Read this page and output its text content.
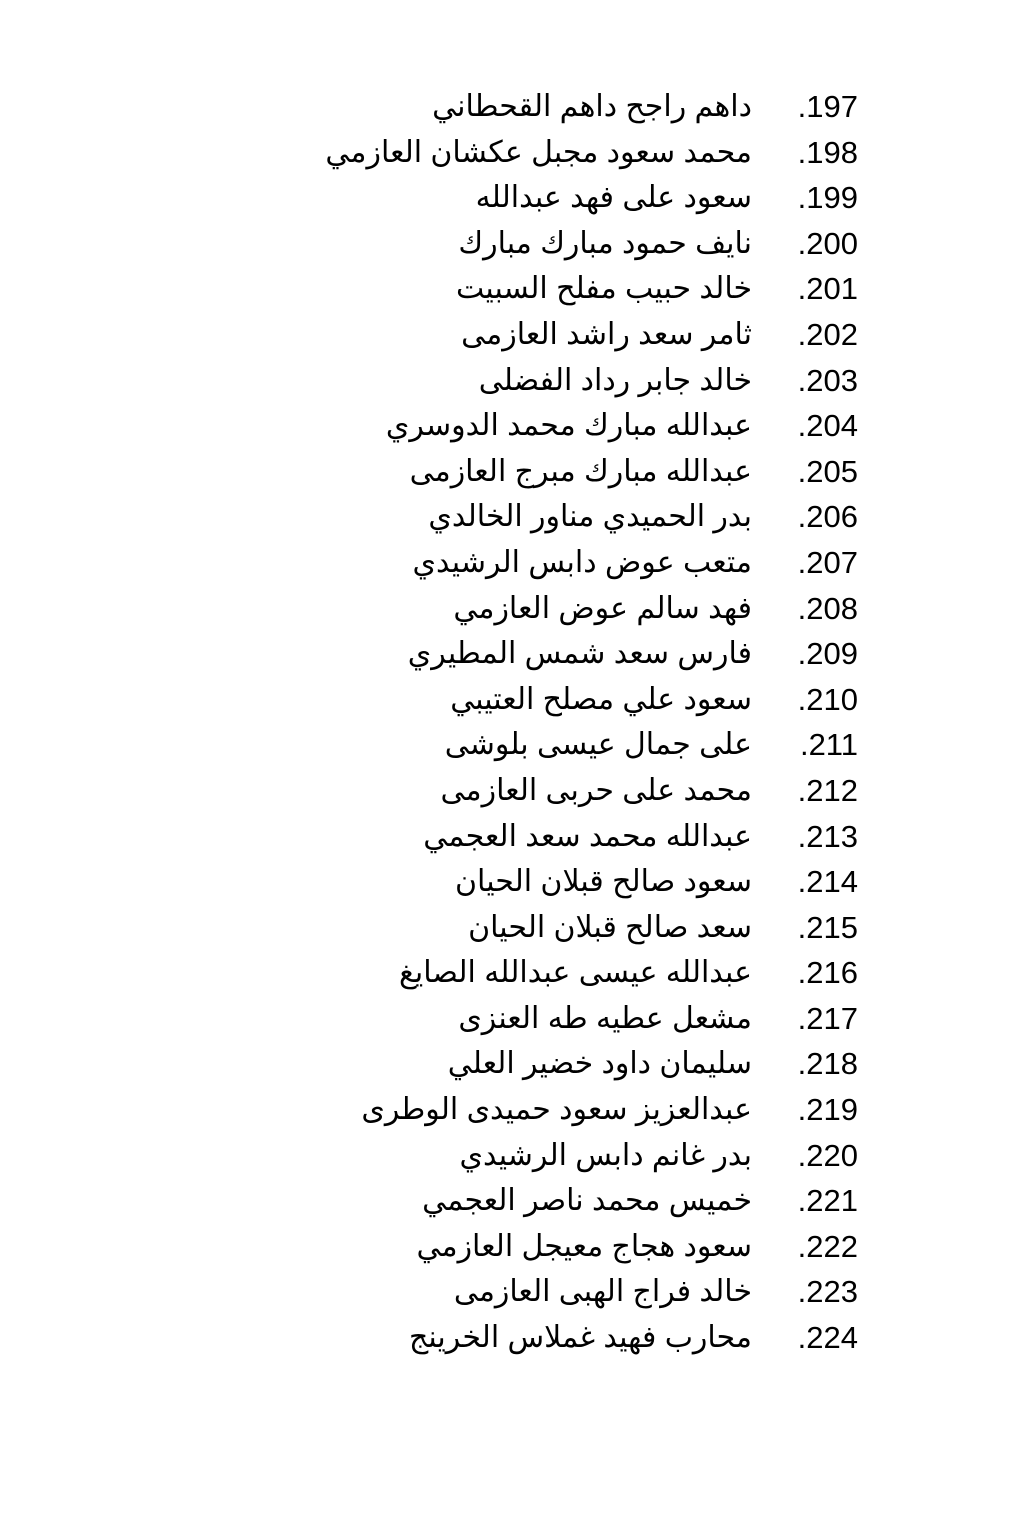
.197
داهم راجح داهم القحطاني
.198
محمد سعود مجبل عكشان العازمي
.199
سعود على فهد عبدالله
.200
نايف حمود مبارك مبارك
.201
خالد حبيب مفلح السبيت
.202
ثامر سعد راشد العازمى
.203
خالد جابر رداد الفضلى
.204
عبدالله مبارك محمد الدوسري
.205
عبدالله مبارك مبرج العازمى
.206
بدر الحميدي مناور الخالدي
.207
متعب عوض دابس الرشيدي
.208
فهد سالم عوض العازمي
.209
فارس سعد شمس المطيري
.210
سعود علي مصلح العتيبي
.211
على جمال عيسى بلوشى
.212
محمد على حربى العازمى
.213
عبدالله محمد سعد العجمي
.214
سعود صالح قبلان الحيان
.215
سعد صالح قبلان الحيان
.216
عبدالله عيسى عبدالله الصايغ
.217
مشعل عطيه طه العنزى
.218
سليمان داود خضير العلي
.219
عبدالعزيز سعود حميدى الوطرى
.220
بدر غانم دابس الرشيدي
.221
خميس محمد ناصر العجمي
.222
سعود هجاج معيجل العازمي
.223
خالد فراج الهبى العازمى
.224
محارب فهيد غملاس الخرينج
